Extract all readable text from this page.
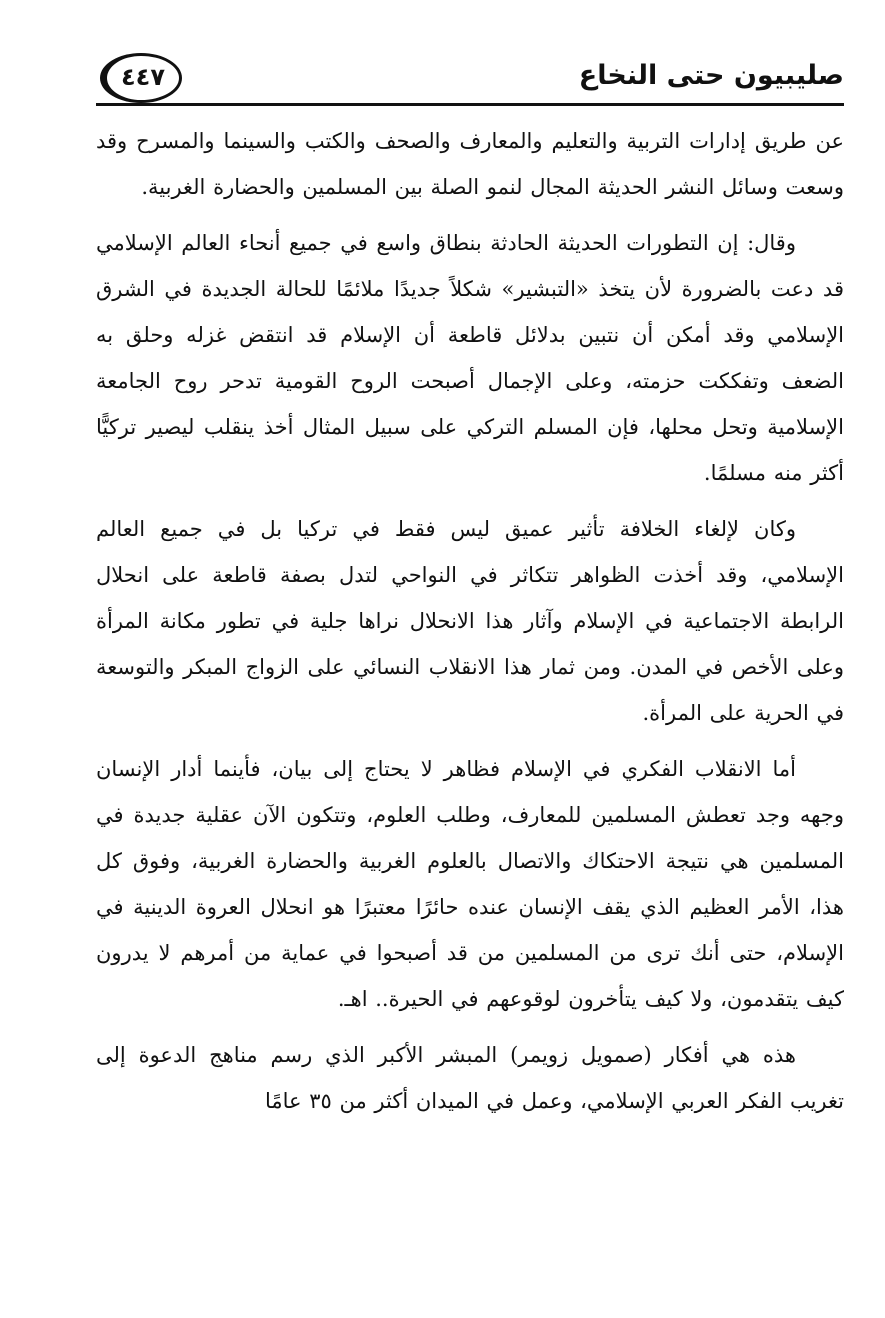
٤٤٧	صليبيون حتى النخاع

عن طريق إدارات التربية والتعليم والمعارف والصحف والكتب والسينما والمسرح وقد وسعت وسائل النشر الحديثة المجال لنمو الصلة بين المسلمين والحضارة الغربية.

وقال: إن التطورات الحديثة الحادثة بنطاق واسع في جميع أنحاء العالم الإسلامي قد دعت بالضرورة لأن يتخذ «التبشير» شكلاً جديدًا ملائمًا للحالة الجديدة في الشرق الإسلامي وقد أمكن أن نتبين بدلائل قاطعة أن الإسلام قد انتقض غزله وحلق به الضعف وتفككت حزمته، وعلى الإجمال أصبحت الروح القومية تدحر روح الجامعة الإسلامية وتحل محلها، فإن المسلم التركي على سبيل المثال أخذ ينقلب ليصير تركيًّا أكثر منه مسلمًا.

وكان لإلغاء الخلافة تأثير عميق ليس فقط في تركيا بل في جميع العالم الإسلامي، وقد أخذت الظواهر تتكاثر في النواحي لتدل بصفة قاطعة على انحلال الرابطة الاجتماعية في الإسلام وآثار هذا الانحلال نراها جلية في تطور مكانة المرأة وعلى الأخص في المدن. ومن ثمار هذا الانقلاب النسائي على الزواج المبكر والتوسعة في الحرية على المرأة.

أما الانقلاب الفكري في الإسلام فظاهر لا يحتاج إلى بيان، فأينما أدار الإنسان وجهه وجد تعطش المسلمين للمعارف، وطلب العلوم، وتتكون الآن عقلية جديدة في المسلمين هي نتيجة الاحتكاك والاتصال بالعلوم الغربية والحضارة الغربية، وفوق كل هذا، الأمر العظيم الذي يقف الإنسان عنده حائرًا معتبرًا هو انحلال العروة الدينية في الإسلام، حتى أنك ترى من المسلمين من قد أصبحوا في عماية من أمرهم لا يدرون كيف يتقدمون، ولا كيف يتأخرون لوقوعهم في الحيرة.. اهـ.

هذه هي أفكار (صمويل زويمر) المبشر الأكبر الذي رسم مناهج الدعوة إلى تغريب الفكر العربي الإسلامي، وعمل في الميدان أكثر من ٣٥ عامًا
